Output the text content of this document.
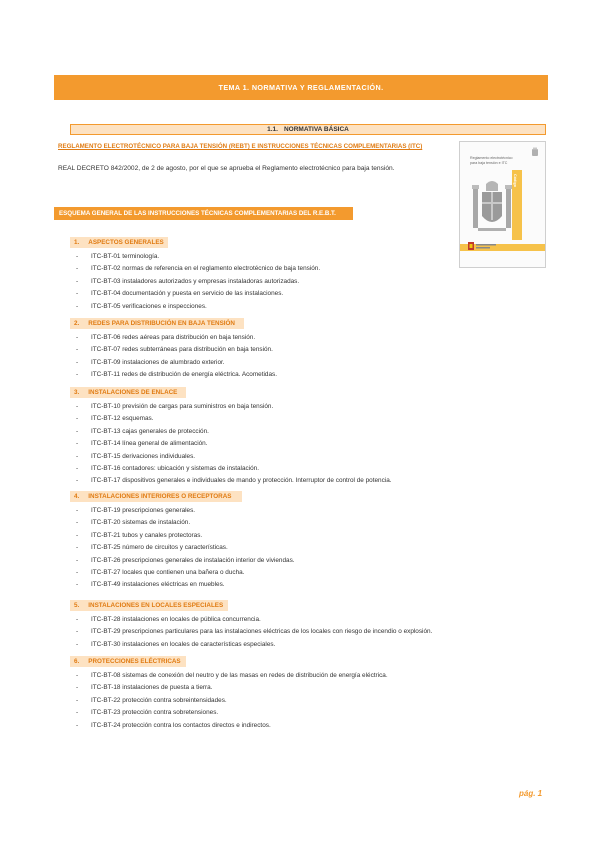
TEMA 1. NORMATIVA Y REGLAMENTACIÓN.
1.1. NORMATIVA BÁSICA
REGLAMENTO ELECTROTÉCNICO PARA BAJA TENSIÓN (REBT) E INSTRUCCIONES TÉCNICAS COMPLEMENTARIAS (ITC)
REAL DECRETO 842/2002, de 2 de agosto, por el que se aprueba el Reglamento electrotécnico para baja tensión.
Reglamento electrotécnico para baja tensión e ITC
Código
ESQUEMA GENERAL DE LAS INSTRUCCIONES TÉCNICAS COMPLEMENTARIAS DEL R.E.B.T.
1. ASPECTOS GENERALES
- ITC-BT-01 terminología.
- ITC-BT-02 normas de referencia en el reglamento electrotécnico de baja tensión.
- ITC-BT-03 instaladores autorizados y empresas instaladoras autorizadas.
- ITC-BT-04 documentación y puesta en servicio de las instalaciones.
- ITC-BT-05 verificaciones e inspecciones.
2. REDES PARA DISTRIBUCIÓN EN BAJA TENSIÓN
- ITC-BT-06 redes aéreas para distribución en baja tensión.
- ITC-BT-07 redes subterráneas para distribución en baja tensión.
- ITC-BT-09 instalaciones de alumbrado exterior.
- ITC-BT-11 redes de distribución de energía eléctrica. Acometidas.
3. INSTALACIONES DE ENLACE
- ITC-BT-10 previsión de cargas para suministros en baja tensión.
- ITC-BT-12 esquemas.
- ITC-BT-13 cajas generales de protección.
- ITC-BT-14 línea general de alimentación.
- ITC-BT-15 derivaciones individuales.
- ITC-BT-16 contadores: ubicación y sistemas de instalación.
- ITC-BT-17 dispositivos generales e individuales de mando y protección. Interruptor de control de potencia.
4. INSTALACIONES INTERIORES O RECEPTORAS
- ITC-BT-19 prescripciones generales.
- ITC-BT-20 sistemas de instalación.
- ITC-BT-21 tubos y canales protectoras.
- ITC-BT-25 número de circuitos y características.
- ITC-BT-26 prescripciones generales de instalación interior de viviendas.
- ITC-BT-27 locales que contienen una bañera o ducha.
- ITC-BT-49 instalaciones eléctricas en muebles.
5. INSTALACIONES EN LOCALES ESPECIALES
- ITC-BT-28 instalaciones en locales de pública concurrencia.
- ITC-BT-29 prescripciones particulares para las instalaciones eléctricas de los locales con riesgo de incendio o explosión.
- ITC-BT-30 instalaciones en locales de características especiales.
6. PROTECCIONES ELÉCTRICAS
- ITC-BT-08 sistemas de conexión del neutro y de las masas en redes de distribución de energía eléctrica.
- ITC-BT-18 instalaciones de puesta a tierra.
- ITC-BT-22 protección contra sobreintensidades.
- ITC-BT-23 protección contra sobretensiones.
- ITC-BT-24 protección contra los contactos directos e indirectos.
pág. 1
